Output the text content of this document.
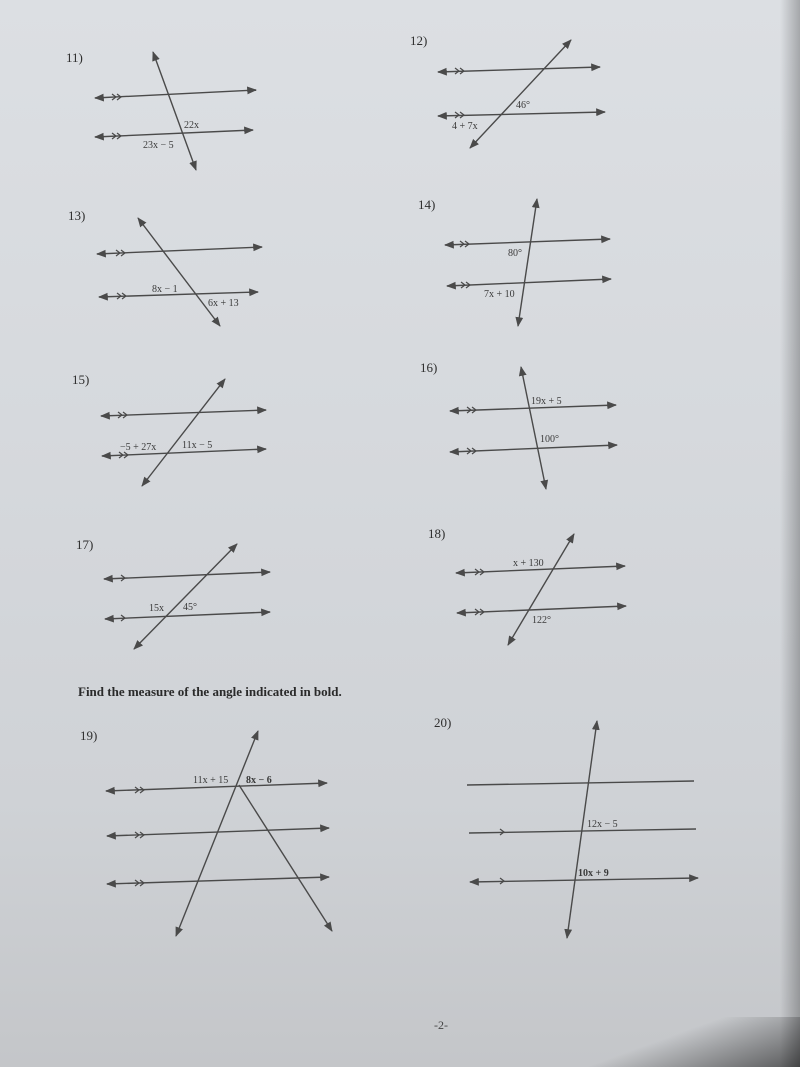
11)
22x
23x − 5
12)
46°
4 + 7x
13)
8x − 1
6x + 13
14)
80°
7x + 10
15)
−5 + 27x	11x − 5
16)
19x + 5
100°
17)
15x 45°
18)
x + 130
122°
19)
11x + 15 8x − 6
20)
12x − 5
10x + 9
Find the measure of the angle indicated in bold.
-2-
